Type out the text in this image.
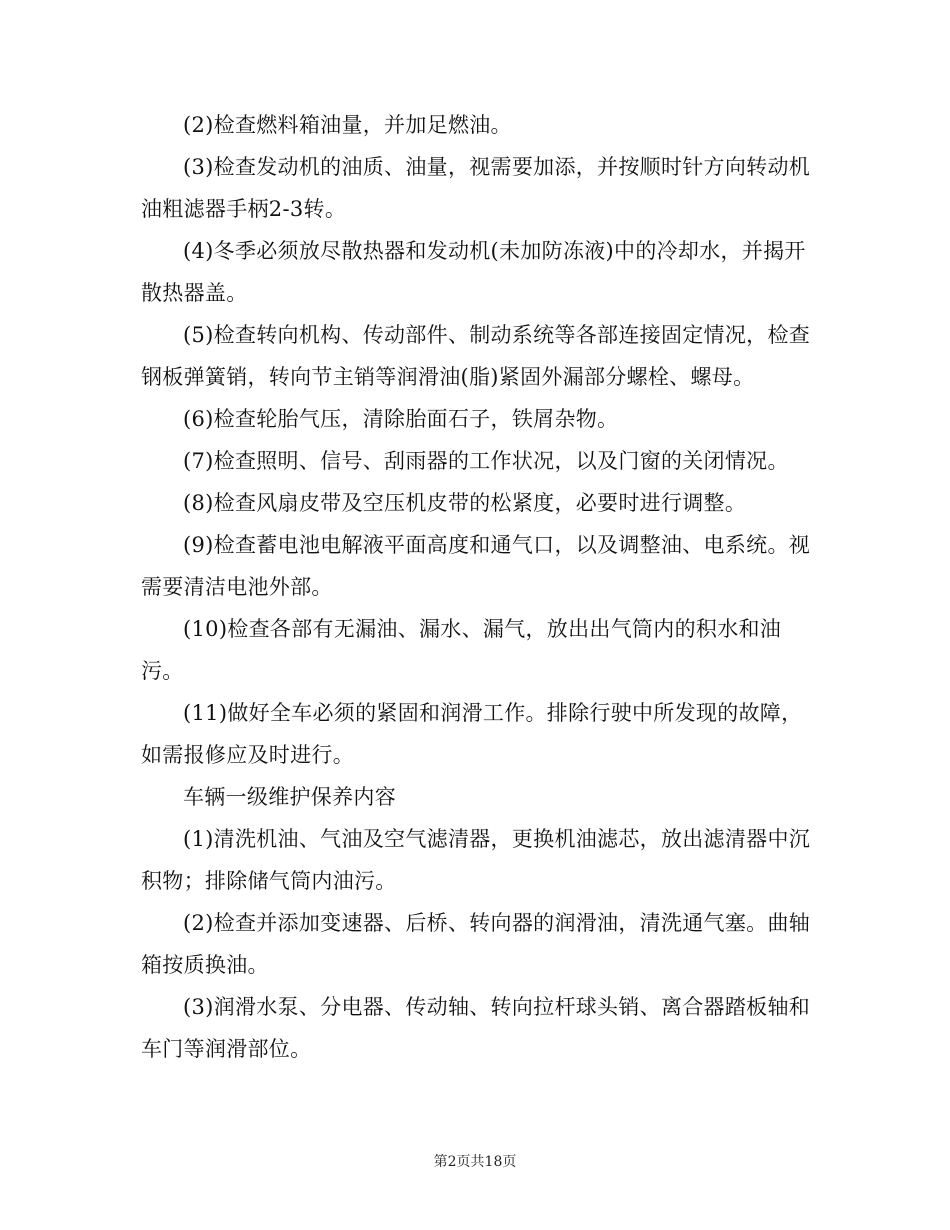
(2)检查燃料箱油量，并加足燃油。

(3)检查发动机的油质、油量，视需要加添，并按顺时针方向转动机油粗滤器手柄2-3转。

(4)冬季必须放尽散热器和发动机(未加防冻液)中的冷却水，并揭开散热器盖。

(5)检查转向机构、传动部件、制动系统等各部连接固定情况，检查钢板弹簧销，转向节主销等润滑油(脂)紧固外漏部分螺栓、螺母。

(6)检查轮胎气压，清除胎面石子，铁屑杂物。

(7)检查照明、信号、刮雨器的工作状况，以及门窗的关闭情况。

(8)检查风扇皮带及空压机皮带的松紧度，必要时进行调整。

(9)检查蓄电池电解液平面高度和通气口，以及调整油、电系统。视需要清洁电池外部。

(10)检查各部有无漏油、漏水、漏气，放出出气筒内的积水和油污。

(11)做好全车必须的紧固和润滑工作。排除行驶中所发现的故障，如需报修应及时进行。

车辆一级维护保养内容

(1)清洗机油、气油及空气滤清器，更换机油滤芯，放出滤清器中沉积物；排除储气筒内油污。

(2)检查并添加变速器、后桥、转向器的润滑油，清洗通气塞。曲轴箱按质换油。

(3)润滑水泵、分电器、传动轴、转向拉杆球头销、离合器踏板轴和车门等润滑部位。

第2页共18页
